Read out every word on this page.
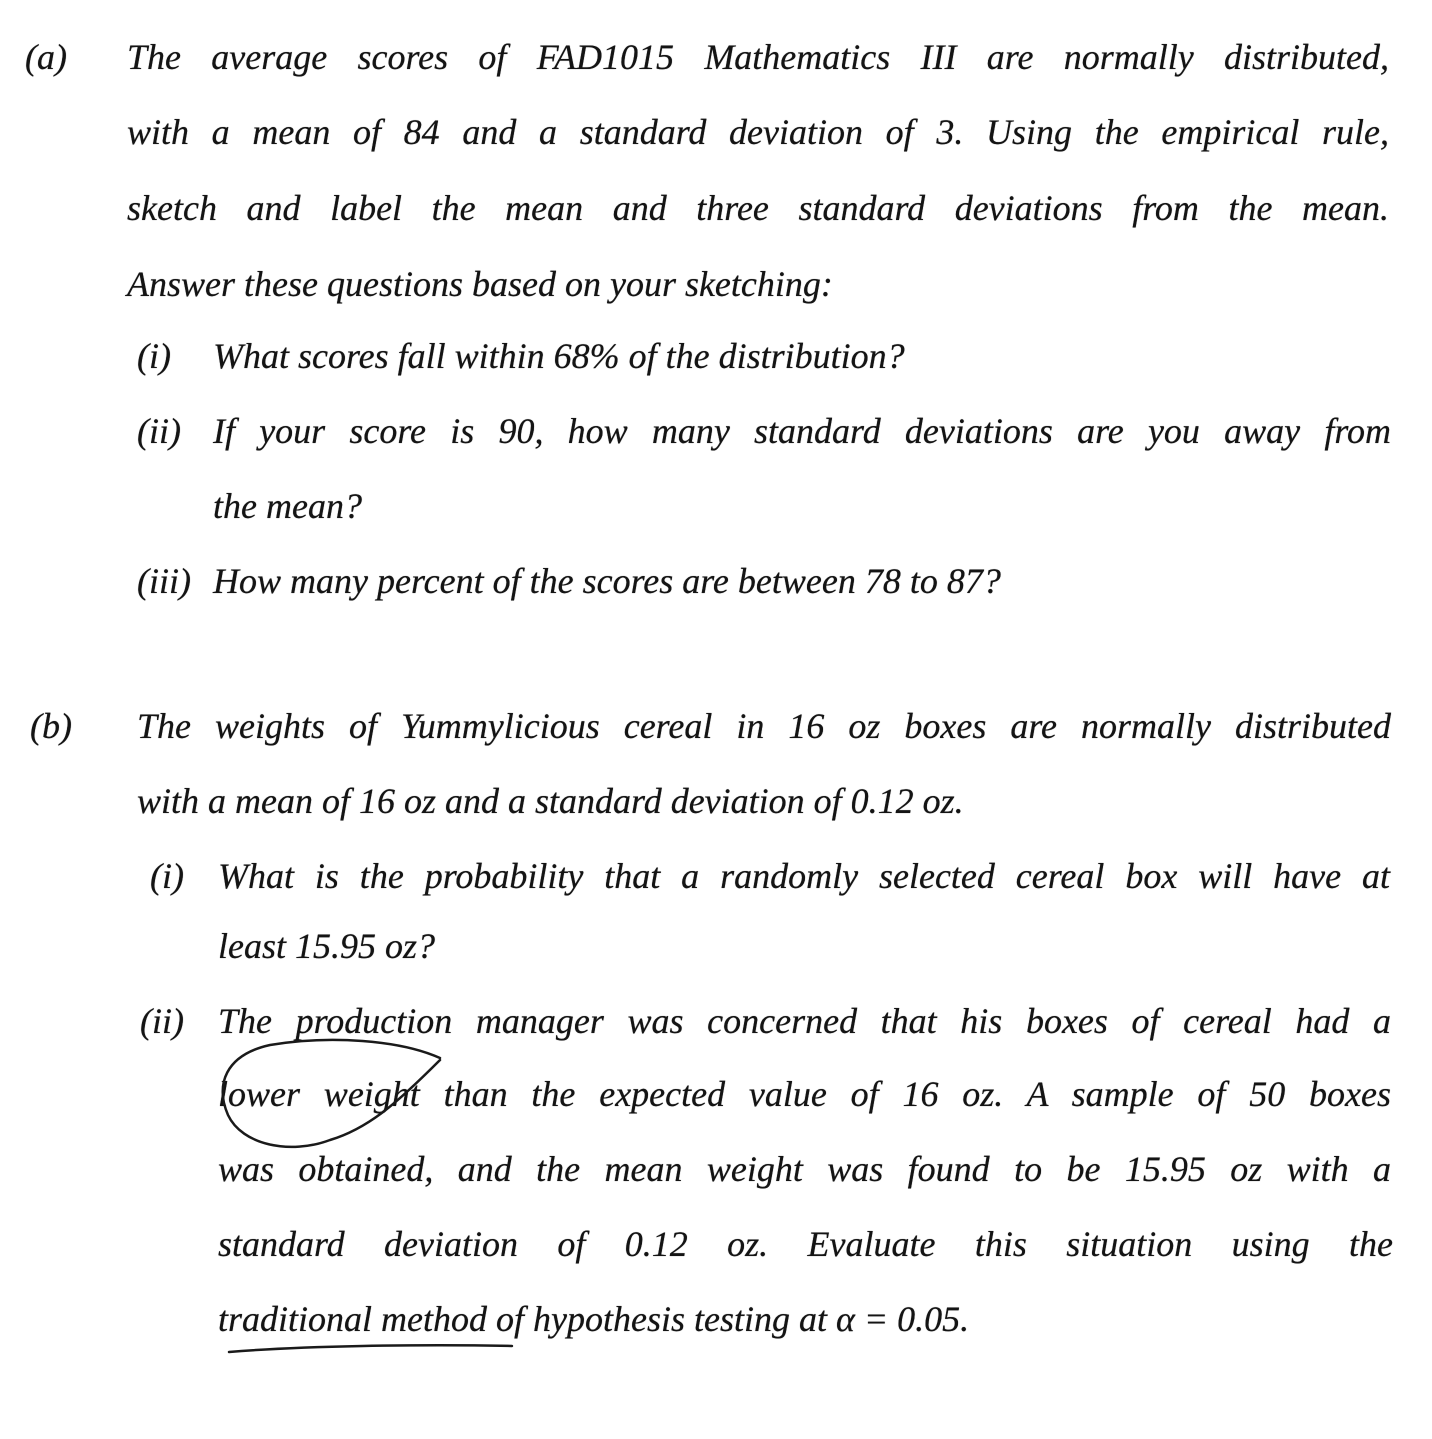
(a) The average scores of FAD1015 Mathematics III are normally distributed,
with a mean of 84 and a standard deviation of 3. Using the empirical rule,
sketch and label the mean and three standard deviations from the mean.
Answer these questions based on your sketching:
(i) What scores fall within 68% of the distribution?
(ii) If your score is 90, how many standard deviations are you away from
the mean?
(iii) How many percent of the scores are between 78 to 87?
(b) The weights of Yummylicious cereal in 16 oz boxes are normally distributed
with a mean of 16 oz and a standard deviation of 0.12 oz.
(i) What is the probability that a randomly selected cereal box will have at
least 15.95 oz?
(ii) The production manager was concerned that his boxes of cereal had a
lower weight than the expected value of 16 oz. A sample of 50 boxes
was obtained, and the mean weight was found to be 15.95 oz with a
standard deviation of 0.12 oz. Evaluate this situation using the
traditional method of hypothesis testing at α = 0.05.
